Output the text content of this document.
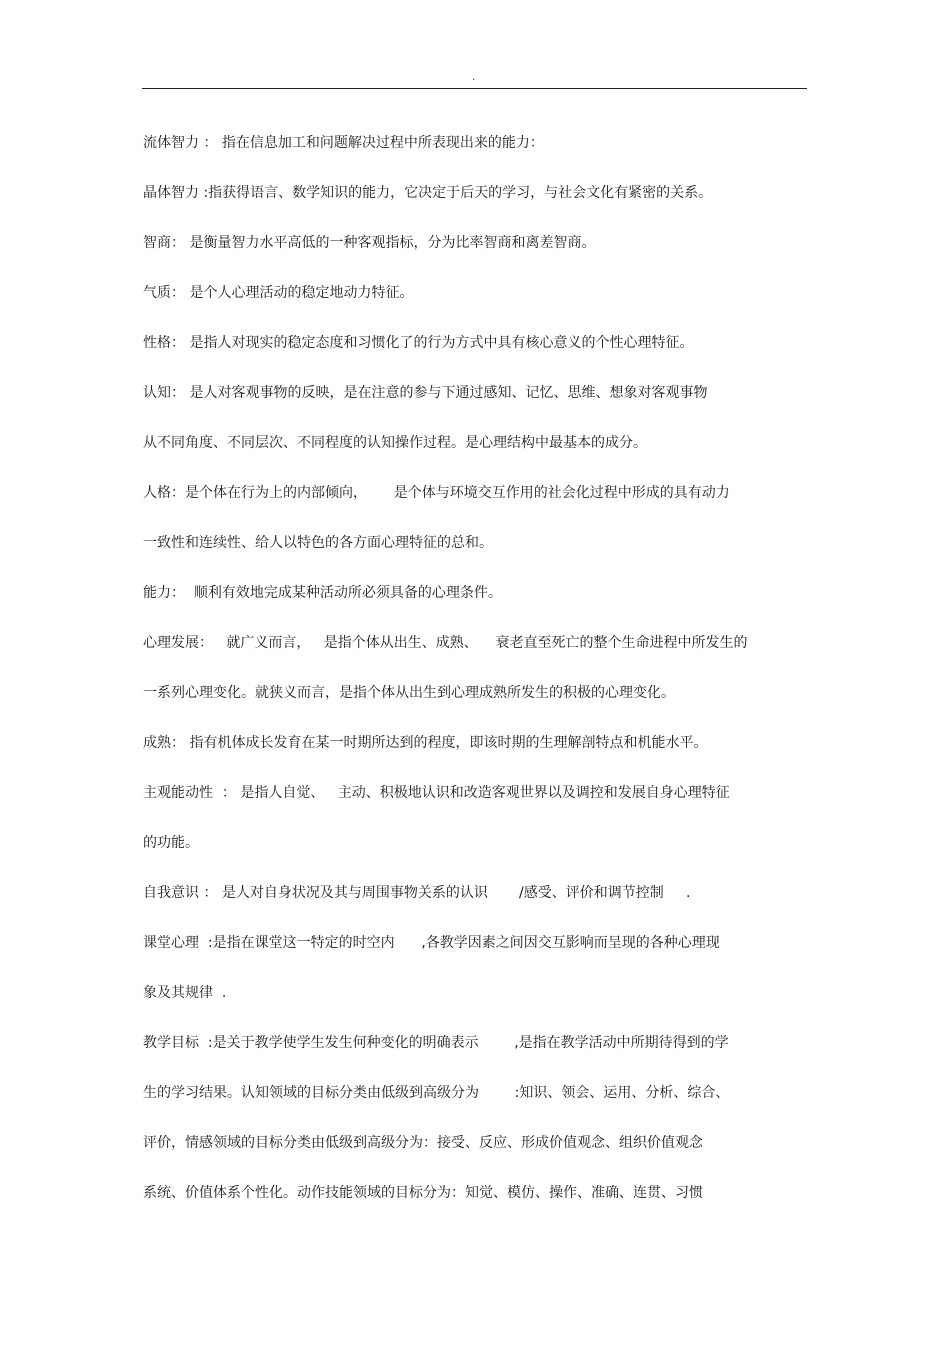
.

流体智力 ： 指在信息加工和问题解决过程中所表现出来的能力：

晶体智力 :指获得语言、数学知识的能力，它决定于后天的学习，与社会文化有紧密的关系。

智商： 是衡量智力水平高低的一种客观指标，分为比率智商和离差智商。

气质： 是个人心理活动的稳定地动力特征。

性格： 是指人对现实的稳定态度和习惯化了的行为方式中具有核心意义的个性心理特征。

认知： 是人对客观事物的反映，是在注意的参与下通过感知、记忆、思维、想象对客观事物

从不同角度、不同层次、不同程度的认知操作过程。是心理结构中最基本的成分。

人格：是个体在行为上的内部倾向，      是个体与环境交互作用的社会化过程中形成的具有动力

一致性和连续性、给人以特色的各方面心理特征的总和。

能力：  顺利有效地完成某种活动所必须具备的心理条件。

心理发展：   就广义而言，   是指个体从出生、成熟、    衰老直至死亡的整个生命进程中所发生的

一系列心理变化。就狭义而言，是指个体从出生到心理成熟所发生的积极的心理变化。

成熟： 指有机体成长发育在某一时期所达到的程度，即该时期的生理解剖特点和机能水平。

主观能动性  ： 是指人自觉、   主动、积极地认识和改造客观世界以及调控和发展自身心理特征

的功能。

自我意识 ： 是人对自身状况及其与周围事物关系的认识       /感受、评价和调节控制     .

课堂心理  :是指在课堂这一特定的时空内      ,各教学因素之间因交互影响而呈现的各种心理现

象及其规律  .

教学目标  :是关于教学使学生发生何种变化的明确表示        ,是指在教学活动中所期待得到的学

生的学习结果。认知领域的目标分类由低级到高级分为        :知识、领会、运用、分析、综合、

评价，情感领域的目标分类由低级到高级分为：接受、反应、形成价值观念、组织价值观念

系统、价值体系个性化。动作技能领域的目标分为：知觉、模仿、操作、准确、连贯、习惯
